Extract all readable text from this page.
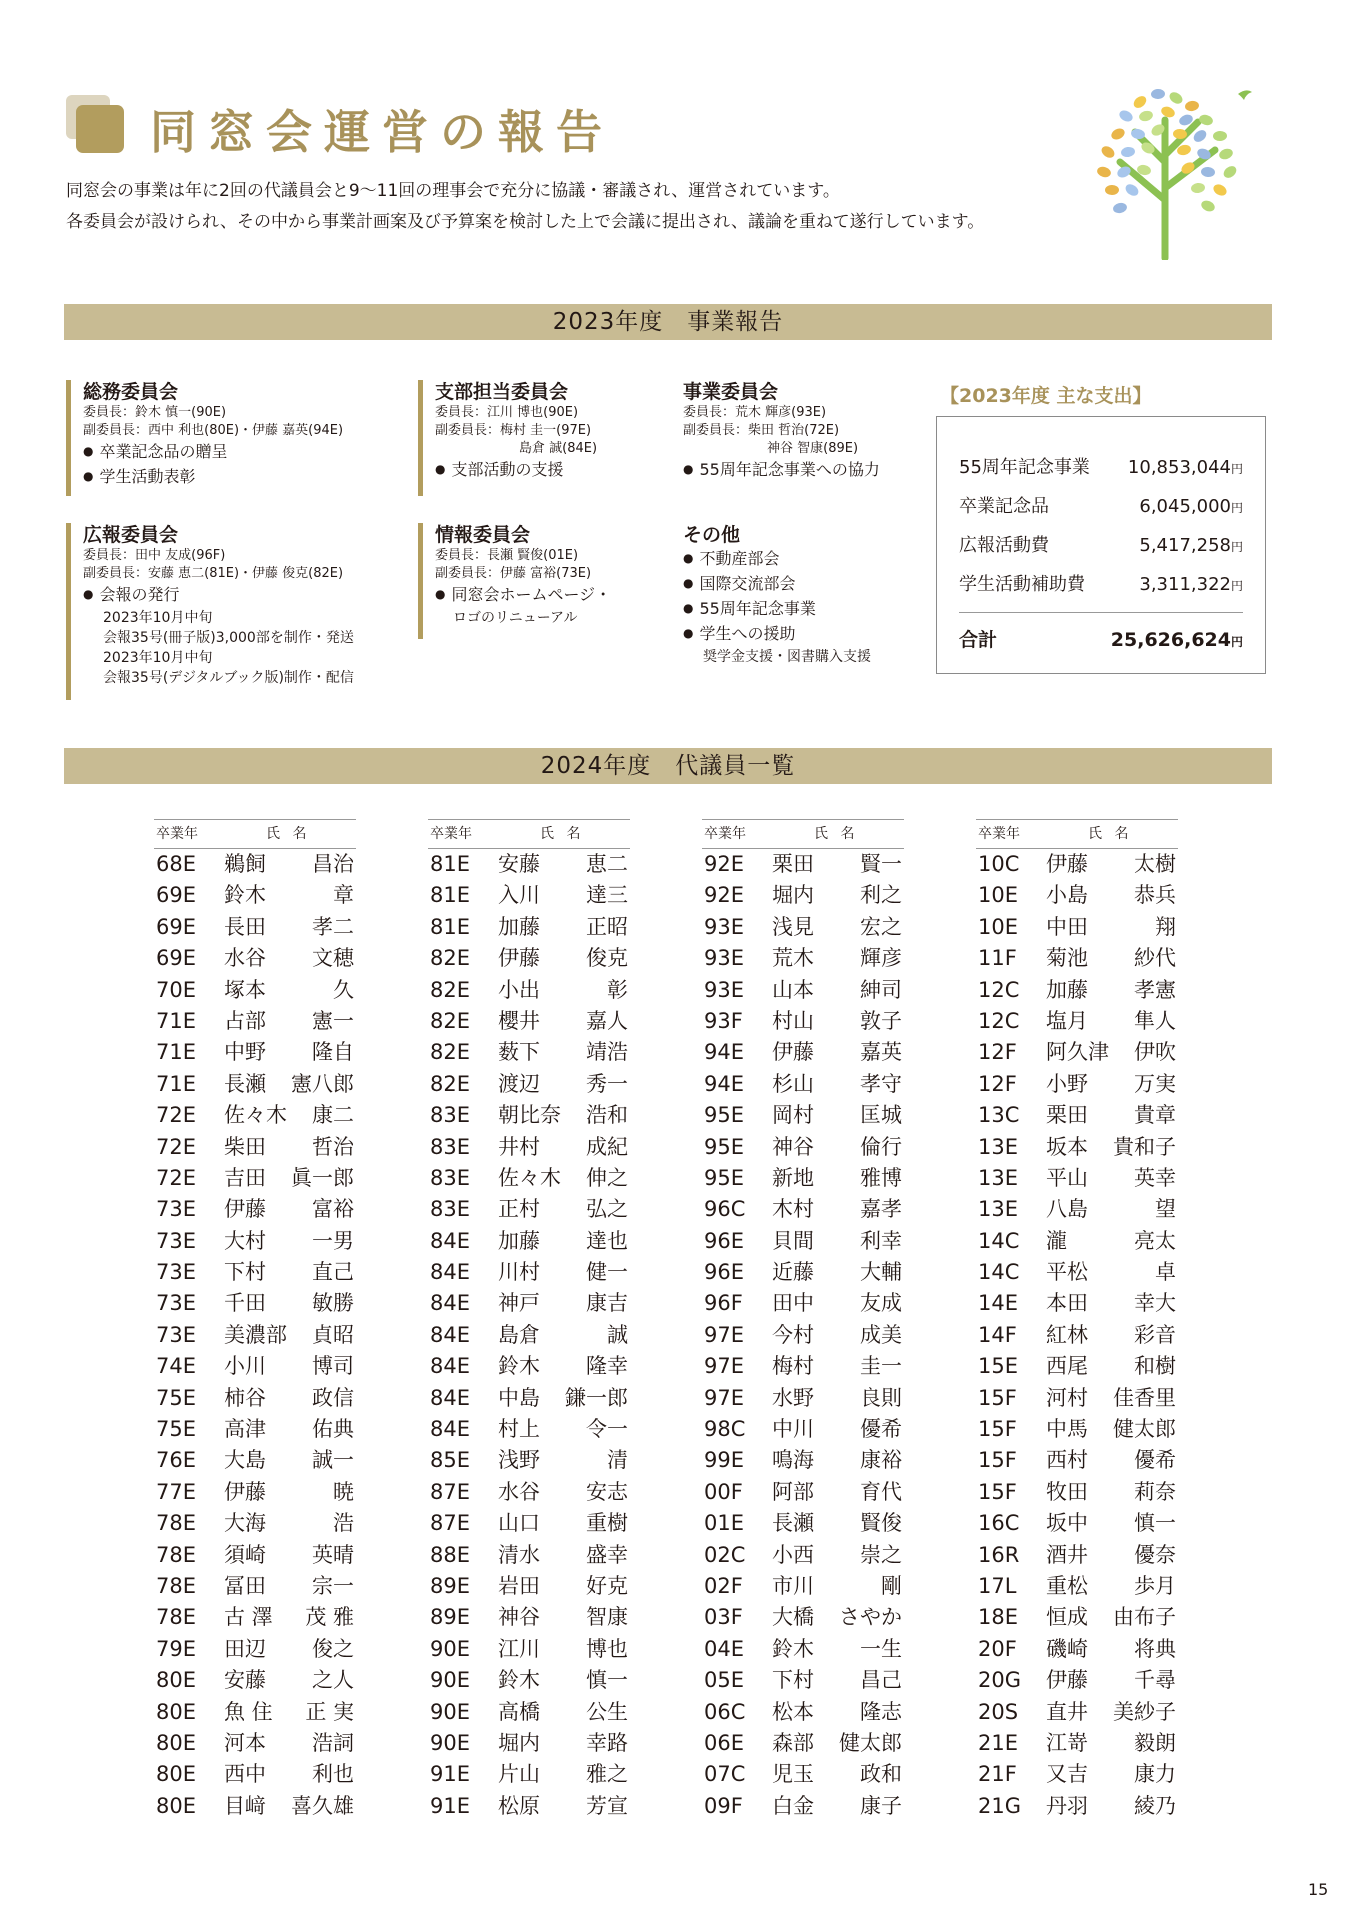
同窓会運営の報告
同窓会の事業は年に2回の代議員会と9～11回の理事会で充分に協議・審議され、運営されています。
各委員会が設けられ、その中から事業計画案及び予算案を検討した上で会議に提出され、議論を重ねて遂行しています。
2023年度　事業報告
総務委員会
委員長：鈴木 慎一(90E)
副委員長：西中 利也(80E)・伊藤 嘉英(94E)
● 卒業記念品の贈呈
● 学生活動表彰
支部担当委員会
委員長：江川 博也(90E)
副委員長：梅村 圭一(97E)
島倉 誠(84E)
● 支部活動の支援
事業委員会
委員長：荒木 輝彦(93E)
副委員長：柴田 哲治(72E)
神谷 智康(89E)
● 55周年記念事業への協力
広報委員会
委員長：田中 友成(96F)
副委員長：安藤 恵二(81E)・伊藤 俊克(82E)
● 会報の発行
2023年10月中旬
会報35号(冊子版)3,000部を制作・発送
2023年10月中旬
会報35号(デジタルブック版)制作・配信
情報委員会
委員長：長瀬 賢俊(01E)
副委員長：伊藤 富裕(73E)
● 同窓会ホームページ・
ロゴのリニューアル
その他
● 不動産部会
● 国際交流部会
● 55周年記念事業
● 学生への援助
奨学金支援・図書購入支援
【2023年度 主な支出】
55周年記念事業 10,853,044円
卒業記念品	6,045,000円
広報活動費	5,417,258円
学生活動補助費	3,311,322円
合計	25,626,624円
2024年度　代議員一覧
卒業年	氏 名
68E 鵜飼 昌治
69E 鈴木	章
69E 長田 孝二
69E 水谷 文穂
70E 塚本	久
71E 占部 憲一
71E 中野 隆自
71E 長瀬 憲八郎
72E 佐々木 康二
72E 柴田 哲治
72E 吉田 眞一郎
73E 伊藤 富裕
73E 大村 一男
73E 下村 直己
73E 千田 敏勝
73E 美濃部 貞昭
74E 小川 博司
75E 柿谷 政信
75E 高津 佑典
76E 大島 誠一
77E 伊藤	暁
78E 大海	浩
78E 須崎 英晴
78E 冨田 宗一
78E 古 澤 茂 雅
79E 田辺 俊之
80E 安藤 之人
80E 魚 住 正 実
80E 河本 浩詞
80E 西中 利也
80E 目﨑 喜久雄
卒業年	氏 名
81E 安藤 恵二
81E 入川 達三
81E 加藤 正昭
82E 伊藤 俊克
82E 小出	彰
82E 櫻井 嘉人
82E 薮下 靖浩
82E 渡辺 秀一
83E 朝比奈 浩和
83E 井村 成紀
83E 佐々木 伸之
83E 正村 弘之
84E 加藤 達也
84E 川村 健一
84E 神戸 康吉
84E 島倉	誠
84E 鈴木 隆幸
84E 中島 鎌一郎
84E 村上 令一
85E 浅野	清
87E 水谷 安志
87E 山口 重樹
88E 清水 盛幸
89E 岩田 好克
89E 神谷 智康
90E 江川 博也
90E 鈴木 慎一
90E 高橋 公生
90E 堀内 幸路
91E 片山 雅之
91E 松原 芳宣
卒業年	氏 名
92E 栗田 賢一
92E 堀内 利之
93E 浅見 宏之
93E 荒木 輝彦
93E 山本 紳司
93F 村山 敦子
94E 伊藤 嘉英
94E 杉山 孝守
95E 岡村 匡城
95E 神谷 倫行
95E 新地 雅博
96C 木村 嘉孝
96E 貝間 利幸
96E 近藤 大輔
96F 田中 友成
97E 今村 成美
97E 梅村 圭一
97E 水野 良則
98C 中川 優希
99E 鳴海 康裕
00F 阿部 育代
01E 長瀬 賢俊
02C 小西 崇之
02F 市川	剛
03F 大橋 さやか
04E 鈴木 一生
05E 下村 昌己
06C 松本 隆志
06E 森部 健太郎
07C 児玉 政和
09F 白金 康子
卒業年	氏 名
10C 伊藤 太樹
10E 小島 恭兵
10E 中田	翔
11F 菊池 紗代
12C 加藤 孝憲
12C 塩月 隼人
12F 阿久津 伊吹
12F 小野 万実
13C 栗田 貴章
13E 坂本 貴和子
13E 平山 英幸
13E 八島	望
14C 瀧	亮太
14C 平松	卓
14E 本田 幸大
14F 紅林 彩音
15E 西尾 和樹
15F 河村 佳香里
15F 中馬 健太郎
15F 西村 優希
15F 牧田 莉奈
16C 坂中 慎一
16R 酒井 優奈
17L 重松 歩月
18E 恒成 由布子
20F 磯崎 将典
20G 伊藤 千尋
20S 直井 美紗子
21E 江嵜 毅朗
21F 又吉 康力
21G 丹羽 綾乃
15
